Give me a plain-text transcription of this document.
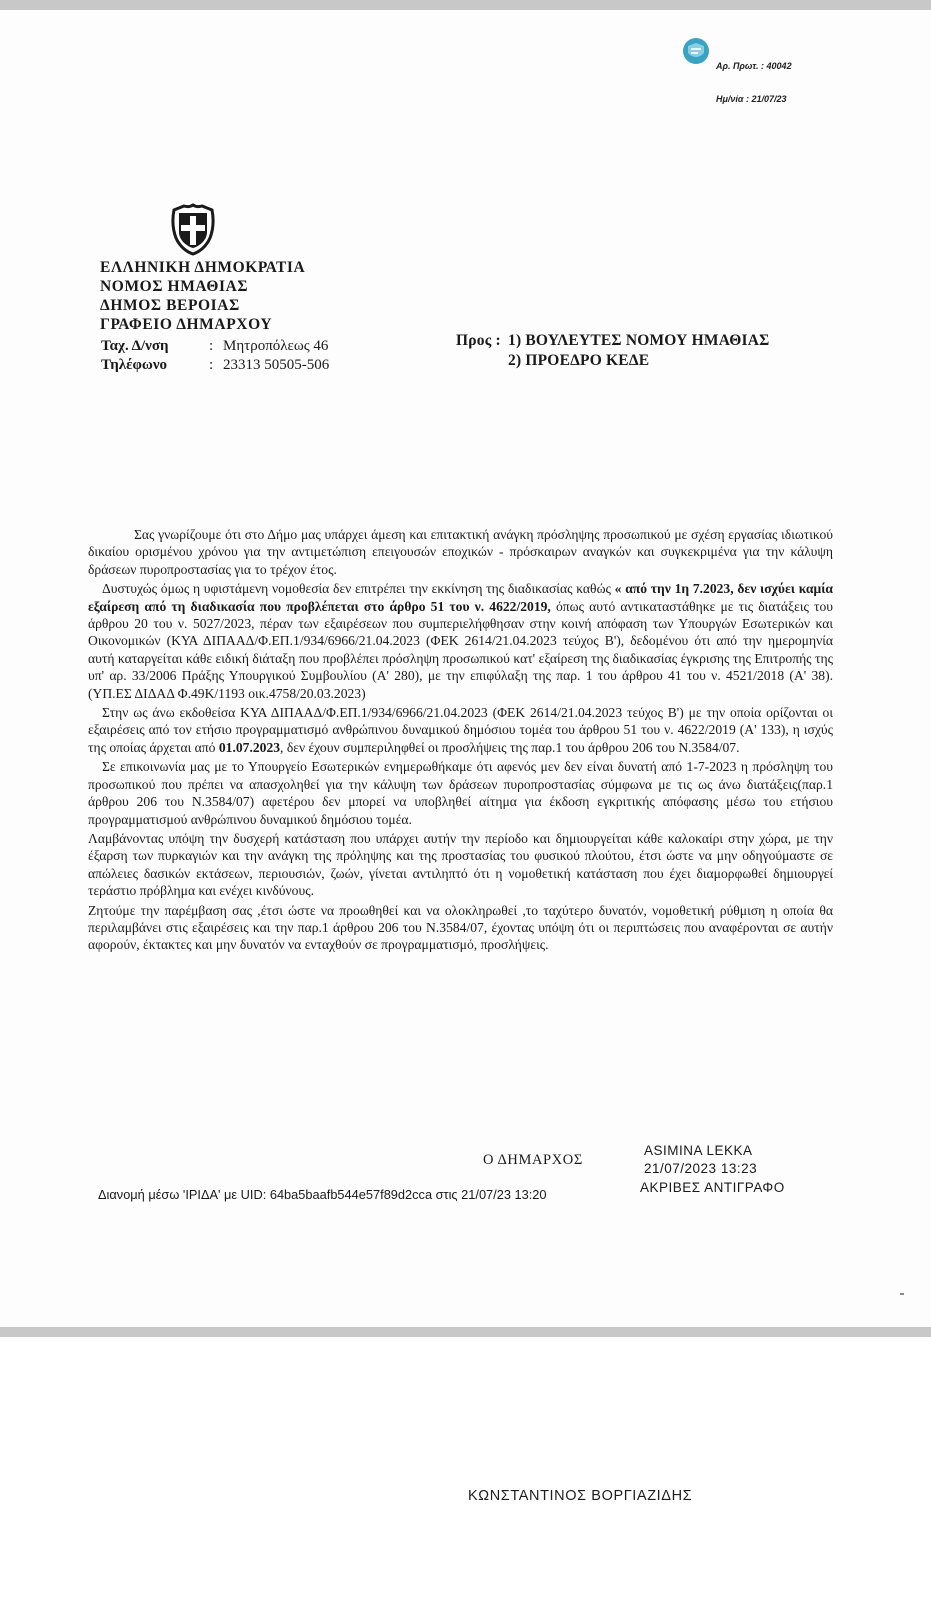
Αρ. Πρωτ. : 40042

Ημ/νία : 21/07/23

ΕΛΛΗΝΙΚΗ ΔΗΜΟΚΡΑΤΙΑ
ΝΟΜΟΣ ΗΜΑΘΙΑΣ
ΔΗΜΟΣ ΒΕΡΟΙΑΣ
ΓΡΑΦΕΙΟ ΔΗΜΑΡΧΟΥ
Ταχ. Δ/νση	: Μητροπόλεως 46
Τηλέφωνο	: 23313 50505-506
Προς : 1) ΒΟΥΛΕΥΤΕΣ ΝΟΜΟΥ ΗΜΑΘΙΑΣ
2) ΠΡΟΕΔΡΟ ΚΕΔΕ

Σας γνωρίζουμε ότι στο Δήμο μας υπάρχει άμεση και επιτακτική ανάγκη πρόσληψης προσωπικού με σχέση εργασίας ιδιωτικού δικαίου ορισμένου χρόνου για την αντιμετώπιση επειγουσών εποχικών - πρόσκαιρων αναγκών και συγκεκριμένα για την κάλυψη δράσεων πυροπροστασίας για το τρέχον έτος.

Δυστυχώς όμως η υφιστάμενη νομοθεσία δεν επιτρέπει την εκκίνηση της διαδικασίας καθώς « από την 1η 7.2023, δεν ισχύει καμία εξαίρεση από τη διαδικασία που προβλέπεται στο άρθρο 51 του ν. 4622/2019, όπως αυτό αντικαταστάθηκε με τις διατάξεις του άρθρου 20 του ν. 5027/2023, πέραν των εξαιρέσεων που συμπεριελήφθησαν στην κοινή απόφαση των Υπουργών Εσωτερικών και Οικονομικών (ΚΥΑ ΔΙΠΑΑΔ/Φ.ΕΠ.1/934/6966/21.04.2023 (ΦΕΚ 2614/21.04.2023 τεύχος Β'), δεδομένου ότι από την ημερομηνία αυτή καταργείται κάθε ειδική διάταξη που προβλέπει πρόσληψη προσωπικού κατ' εξαίρεση της διαδικασίας έγκρισης της Επιτροπής της υπ' αρ. 33/2006 Πράξης Υπουργικού Συμβουλίου (Α' 280), με την επιφύλαξη της παρ. 1 του άρθρου 41 του ν. 4521/2018 (Α' 38). (ΥΠ.ΕΣ ΔΙΔΑΔ Φ.49Κ/1193 οικ.4758/20.03.2023)

Στην ως άνω εκδοθείσα ΚΥΑ ΔΙΠΑΑΔ/Φ.ΕΠ.1/934/6966/21.04.2023 (ΦΕΚ 2614/21.04.2023 τεύχος Β') με την οποία ορίζονται οι εξαιρέσεις από τον ετήσιο προγραμματισμό ανθρώπινου δυναμικού δημόσιου τομέα του άρθρου 51 του ν. 4622/2019 (Α' 133), η ισχύς της οποίας άρχεται από 01.07.2023, δεν έχουν συμπεριληφθεί οι προσλήψεις της παρ.1 του άρθρου 206 του Ν.3584/07.

Σε επικοινωνία μας με το Υπουργείο Εσωτερικών ενημερωθήκαμε ότι αφενός μεν δεν είναι δυνατή από 1-7-2023 η πρόσληψη του προσωπικού που πρέπει να απασχοληθεί για την κάλυψη των δράσεων πυροπροστασίας σύμφωνα με τις ως άνω διατάξεις(παρ.1 άρθρου 206 του Ν.3584/07) αφετέρου δεν μπορεί να υποβληθεί αίτημα για έκδοση εγκριτικής απόφασης μέσω του ετήσιου προγραμματισμού ανθρώπινου δυναμικού δημόσιου τομέα.

Λαμβάνοντας υπόψη την δυσχερή κατάσταση που υπάρχει αυτήν την περίοδο και δημιουργείται κάθε καλοκαίρι στην χώρα, με την έξαρση των πυρκαγιών και την ανάγκη της πρόληψης και της προστασίας του φυσικού πλούτου, έτσι ώστε να μην οδηγούμαστε σε απώλειες δασικών εκτάσεων, περιουσιών, ζωών, γίνεται αντιληπτό ότι η νομοθετική κατάσταση που έχει διαμορφωθεί δημιουργεί τεράστιο πρόβλημα και ενέχει κινδύνους.

Ζητούμε την παρέμβαση σας ,έτσι ώστε να προωθηθεί και να ολοκληρωθεί ,το ταχύτερο δυνατόν, νομοθετική ρύθμιση η οποία θα περιλαμβάνει στις εξαιρέσεις και την παρ.1 άρθρου 206 του Ν.3584/07, έχοντας υπόψη ότι οι περιπτώσεις που αναφέρονται σε αυτήν αφορούν, έκτακτες και μην δυνατόν να ενταχθούν σε προγραμματισμό, προσλήψεις.

Ο ΔΗΜΑΡΧΟΣ
ASIMINA LEKKA
21/07/2023 13:23
Διανομή μέσω 'ΙΡΙΔΑ' με UID: 64ba5baafb544e57f89d2cca στις 21/07/23 13:20	ΑΚΡΙΒΕΣ ΑΝΤΙΓΡΑΦΟ
ΚΩΝΣΤΑΝΤΙΝΟΣ ΒΟΡΓΙΑΖΙΔΗΣ
